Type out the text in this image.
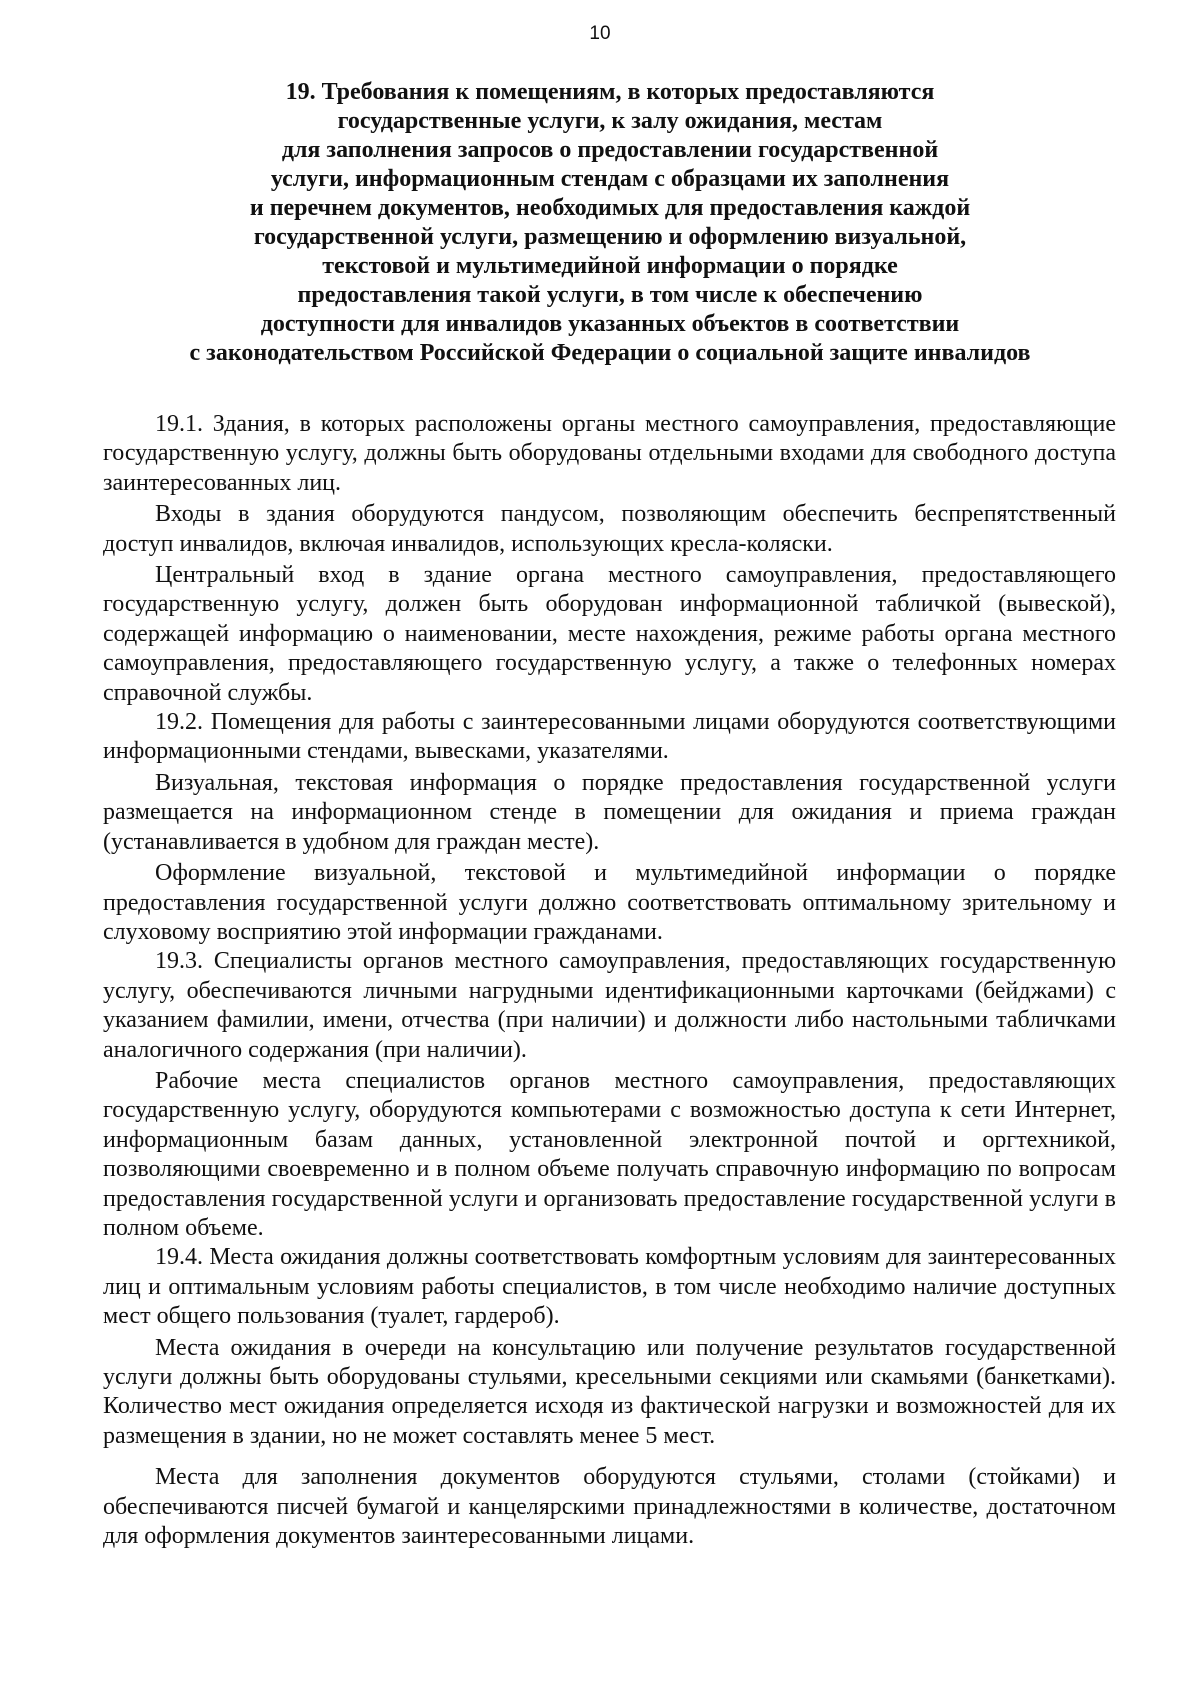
10
19. Требования к помещениям, в которых предоставляются
государственные услуги, к залу ожидания, местам
для заполнения запросов о предоставлении государственной
услуги, информационным стендам с образцами их заполнения
и перечнем документов, необходимых для предоставления каждой
государственной услуги, размещению и оформлению визуальной,
текстовой и мультимедийной информации о порядке
предоставления такой услуги, в том числе к обеспечению
доступности для инвалидов указанных объектов в соответствии
с законодательством Российской Федерации о социальной защите инвалидов

19.1. Здания, в которых расположены органы местного самоуправления, предоставляющие государственную услугу, должны быть оборудованы отдельными входами для свободного доступа заинтересованных лиц.

Входы в здания оборудуются пандусом, позволяющим обеспечить беспрепятственный доступ инвалидов, включая инвалидов, использующих кресла-коляски.

Центральный вход в здание органа местного самоуправления, предоставляющего государственную услугу, должен быть оборудован информационной табличкой (вывеской), содержащей информацию о наименовании, месте нахождения, режиме работы органа местного самоуправления, предоставляющего государственную услугу, а также о телефонных номерах справочной службы.

19.2. Помещения для работы с заинтересованными лицами оборудуются соответствующими информационными стендами, вывесками, указателями.

Визуальная, текстовая информация о порядке предоставления государственной услуги размещается на информационном стенде в помещении для ожидания и приема граждан (устанавливается в удобном для граждан месте).

Оформление визуальной, текстовой и мультимедийной информации о порядке предоставления государственной услуги должно соответствовать оптимальному зрительному и слуховому восприятию этой информации гражданами.

19.3. Специалисты органов местного самоуправления, предоставляющих государственную услугу, обеспечиваются личными нагрудными идентификационными карточками (бейджами) с указанием фамилии, имени, отчества (при наличии) и должности либо настольными табличками аналогичного содержания (при наличии).

Рабочие места специалистов органов местного самоуправления, предоставляющих государственную услугу, оборудуются компьютерами с возможностью доступа к сети Интернет, информационным базам данных, установленной электронной почтой и оргтехникой, позволяющими своевременно и в полном объеме получать справочную информацию по вопросам предоставления государственной услуги и организовать предоставление государственной услуги в полном объеме.

19.4. Места ожидания должны соответствовать комфортным условиям для заинтересованных лиц и оптимальным условиям работы специалистов, в том числе необходимо наличие доступных мест общего пользования (туалет, гардероб).

Места ожидания в очереди на консультацию или получение результатов государственной услуги должны быть оборудованы стульями, кресельными секциями или скамьями (банкетками). Количество мест ожидания определяется исходя из фактической нагрузки и возможностей для их размещения в здании, но не может составлять менее 5 мест.

Места для заполнения документов оборудуются стульями, столами (стойками) и обеспечиваются писчей бумагой и канцелярскими принадлежностями в количестве, достаточном для оформления документов заинтересованными лицами.
